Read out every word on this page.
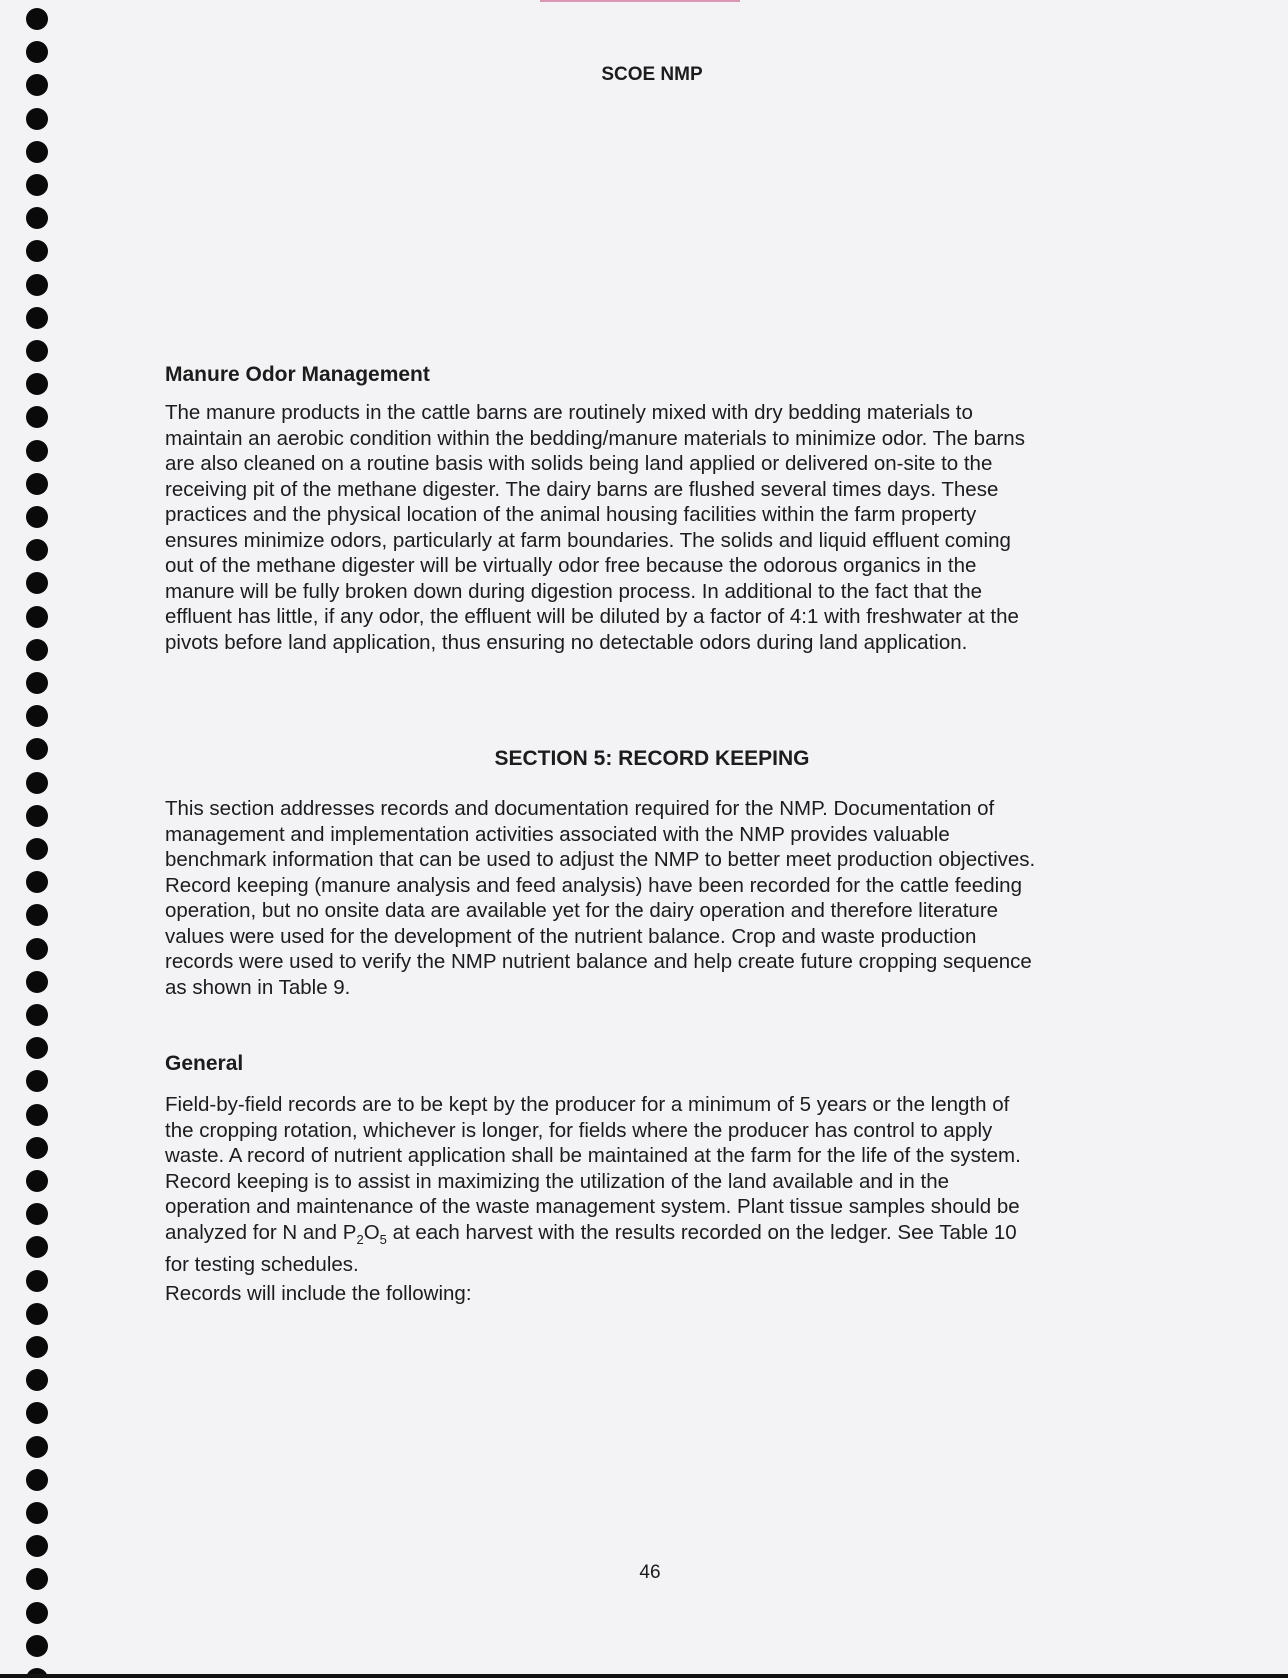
SCOE NMP
Manure Odor Management
The manure products in the cattle barns are routinely mixed with dry bedding materials to
maintain an aerobic condition within the bedding/manure materials to minimize odor. The barns
are also cleaned on a routine basis with solids being land applied or delivered on-site to the
receiving pit of the methane digester. The dairy barns are flushed several times days. These
practices and the physical location of the animal housing facilities within the farm property
ensures minimize odors, particularly at farm boundaries. The solids and liquid effluent coming
out of the methane digester will be virtually odor free because the odorous organics in the
manure will be fully broken down during digestion process. In additional to the fact that the
effluent has little, if any odor, the effluent will be diluted by a factor of 4:1 with freshwater at the
pivots before land application, thus ensuring no detectable odors during land application.
SECTION 5: RECORD KEEPING
This section addresses records and documentation required for the NMP. Documentation of
management and implementation activities associated with the NMP provides valuable
benchmark information that can be used to adjust the NMP to better meet production objectives.
Record keeping (manure analysis and feed analysis) have been recorded for the cattle feeding
operation, but no onsite data are available yet for the dairy operation and therefore literature
values were used for the development of the nutrient balance. Crop and waste production
records were used to verify the NMP nutrient balance and help create future cropping sequence
as shown in Table 9.
General
Field-by-field records are to be kept by the producer for a minimum of 5 years or the length of
the cropping rotation, whichever is longer, for fields where the producer has control to apply
waste. A record of nutrient application shall be maintained at the farm for the life of the system.
Record keeping is to assist in maximizing the utilization of the land available and in the
operation and maintenance of the waste management system. Plant tissue samples should be
analyzed for N and $P_2O_5$ at each harvest with the results recorded on the ledger. See Table 10
for testing schedules.
Records will include the following:
46
